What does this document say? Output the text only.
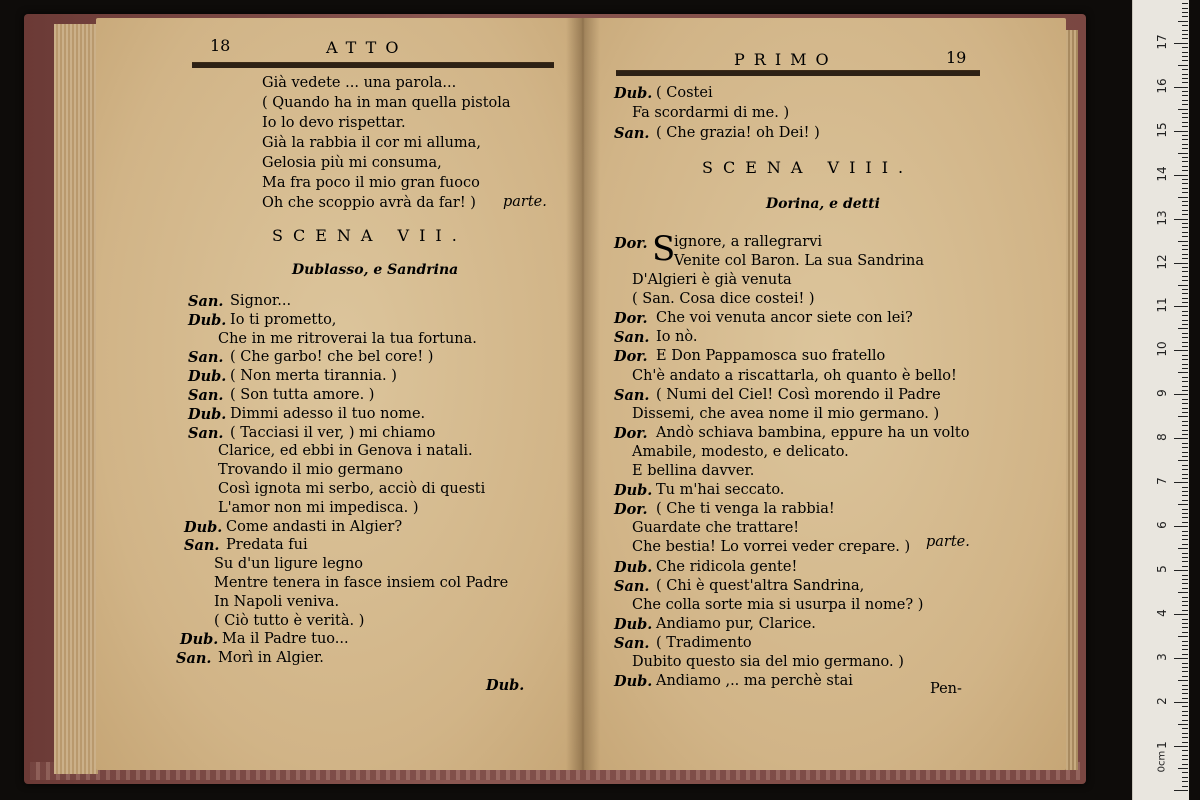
18	ATTO
Già vedete ... una parola...
( Quando ha in man quella pistola
Io lo devo rispettar.
Già la rabbia il cor mi alluma,
Gelosia più mi consuma,
Ma fra poco il mio gran fuoco
Oh che scoppio avrà da far! ) parte.
SCENA VII.
Dublasso, e Sandrina
San. Signor...
Dub. Io ti prometto,
Che in me ritroverai la tua fortuna.
San. ( Che garbo! che bel core! )
Dub. ( Non merta tirannia. )
San. ( Son tutta amore. )
Dub. Dimmi adesso il tuo nome.
San. ( Tacciasi il ver, ) mi chiamo
Clarice, ed ebbi in Genova i natali.
Trovando il mio germano
Così ignota mi serbo, acciò di questi
L'amor non mi impedisca. )
Dub. Come andasti in Algier?
San. Predata fui
Su d'un ligure legno
Mentre tenera in fasce insiem col Padre
In Napoli veniva.
( Ciò tutto è verità. )
Dub. Ma il Padre tuo...
San. Morì in Algier.
Dub.
PRIMO	19
Dub. ( Costei
Fa scordarmi di me. )
San. ( Che grazia! oh Dei! )
SCENA VIII.
Dorina, e detti
Dor. S
ignore, a rallegrarvi
Venite col Baron. La sua Sandrina
D'Algieri è già venuta
( San. Cosa dice costei! )
Dor. Che voi venuta ancor siete con lei?
San. Io nò.
Dor. E Don Pappamosca suo fratello
Ch'è andato a riscattarla, oh quanto è bello!
San. ( Numi del Ciel! Così morendo il Padre
Dissemi, che avea nome il mio germano. )
Dor. Andò schiava bambina, eppure ha un volto
Amabile, modesto, e delicato.
E bellina davver.
Dub. Tu m'hai seccato.
Dor. ( Che ti venga la rabbia!
Guardate che trattare!
Che bestia! Lo vorrei veder crepare. )
Dub. Che ridicola gente!
San. ( Chi è quest'altra Sandrina,
Che colla sorte mia si usurpa il nome? )
Dub. Andiamo pur, Clarice.
San. ( Tradimento
Dubito questo sia del mio germano. )
Dub. Andiamo ,.. ma perchè stai
parte.
Pen-
17
16
15
14
13
12
11
10
9
8
7
6
5
4
3
2
1
0cm
